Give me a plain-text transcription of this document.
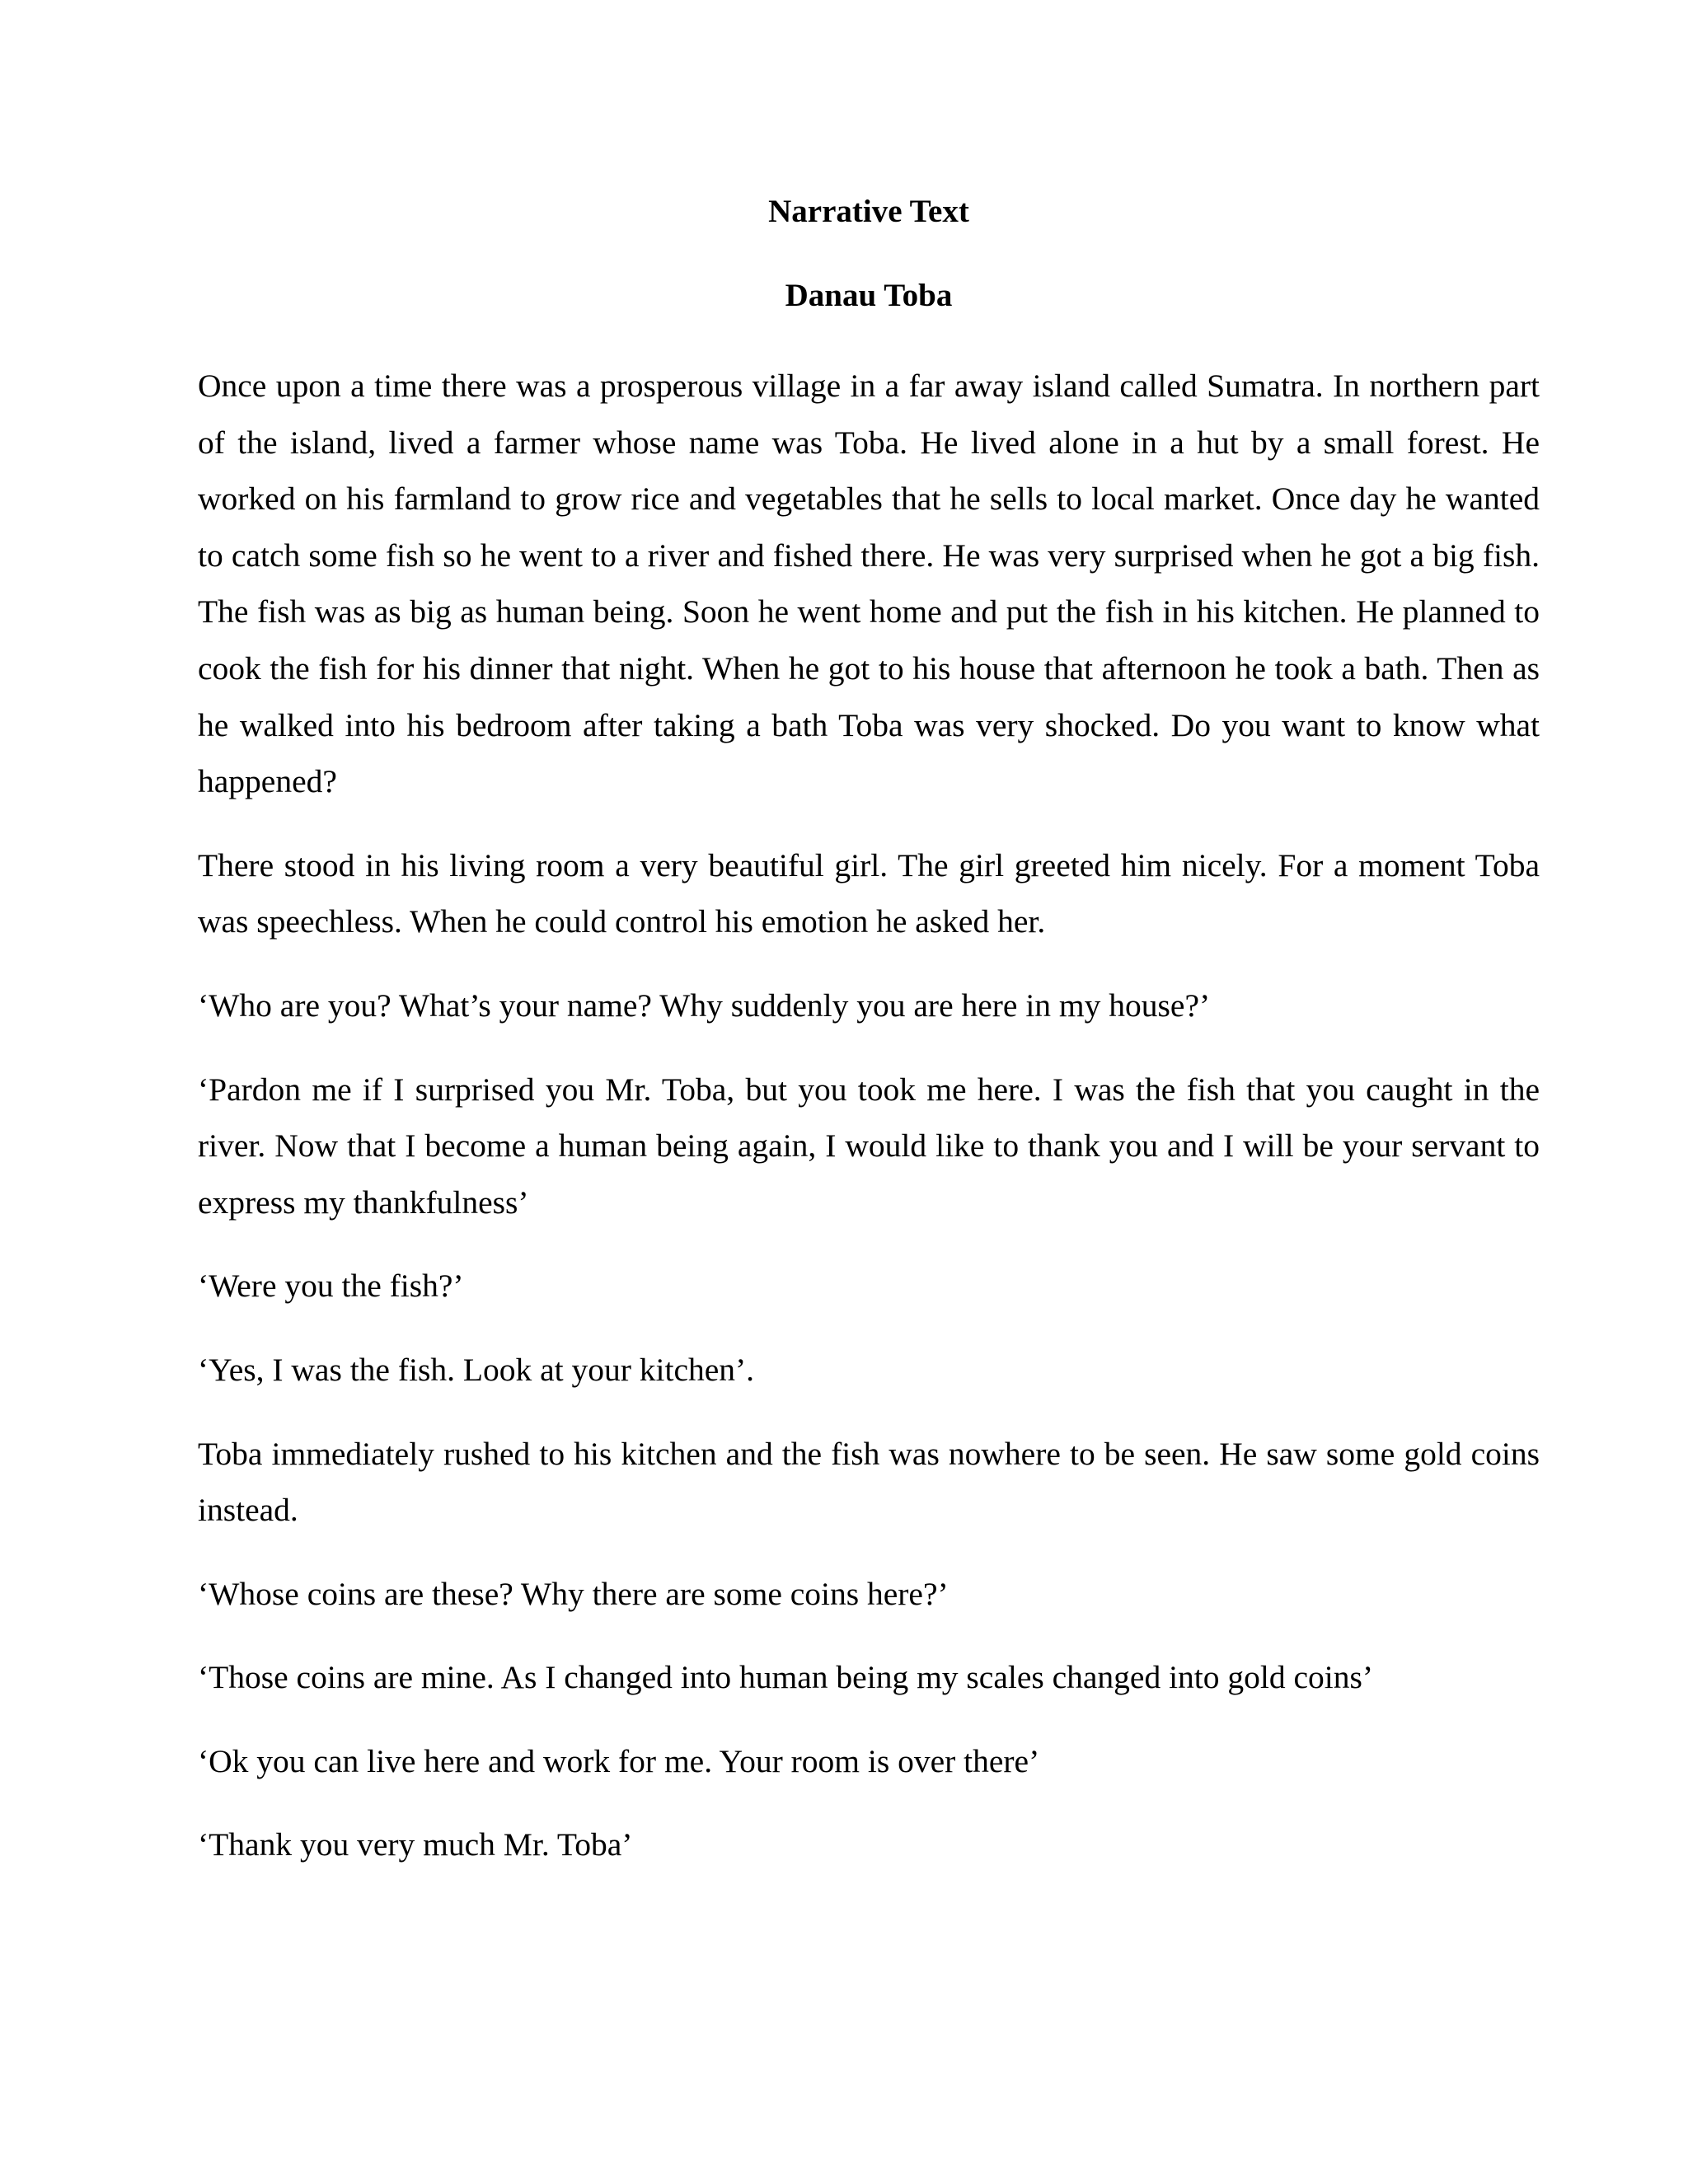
Narrative Text

Danau Toba

Once upon a time there was a prosperous village in a far away island called Sumatra. In northern part of the island, lived a farmer whose name was Toba. He lived alone in a hut by a small forest. He worked on his farmland to grow rice and vegetables that he sells to local market. Once day he wanted to catch some fish so he went to a river and fished there. He was very surprised when he got a big fish. The fish was as big as human being. Soon he went home and put the fish in his kitchen. He planned to cook the fish for his dinner that night. When he got to his house that afternoon he took a bath. Then as he walked into his bedroom after taking a bath Toba was very shocked. Do you want to know what happened?

There stood in his living room a very beautiful girl. The girl greeted him nicely. For a moment Toba was speechless. When he could control his emotion he asked her.

‘Who are you? What’s your name? Why suddenly you are here in my house?’

‘Pardon me if I surprised you Mr. Toba, but you took me here. I was the fish that you caught in the river. Now that I become a human being again, I would like to thank you and I will be your servant to express my thankfulness’

‘Were you the fish?’

‘Yes, I was the fish. Look at your kitchen’.

Toba immediately rushed to his kitchen and the fish was nowhere to be seen. He saw some gold coins instead.

‘Whose coins are these? Why there are some coins here?’

‘Those coins are mine. As I changed into human being my scales changed into gold coins’

‘Ok you can live here and work for me. Your room is over there’

‘Thank you very much Mr. Toba’
